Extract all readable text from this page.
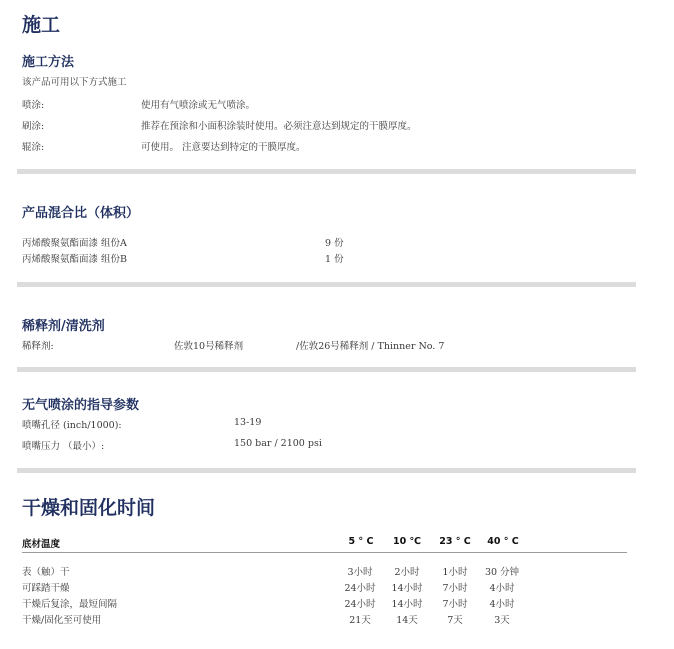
施工
施工方法
该产品可用以下方式施工
喷涂:	使用有气喷涂或无气喷涂。
刷涂:	推荐在预涂和小面积涂装时使用。必须注意达到规定的干膜厚度。
辊涂:	可使用。 注意要达到特定的干膜厚度。
产品混合比（体积）
丙烯酸聚氨酯面漆 组份A	9 份
丙烯酸聚氨酯面漆 组份B	1 份
稀释剂/清洗剂
稀释剂:	佐敦10号稀释剂	/佐敦26号稀释剂 / Thinner No. 7
无气喷涂的指导参数
喷嘴孔径 (inch/1000):	13-19
喷嘴压力 （最小）:	150 bar / 2100 psi
干燥和固化时间
底材温度	5 ° C	10 ℃	23 ° C	40 ° C
表（触）干	3小时	2小时	1小时	30 分钟
可踩踏干燥	24小时	14小时	7小时	4小时
干燥后复涂，最短间隔	24小时	14小时	7小时	4小时
干燥/固化至可使用	21天	14天	7天	3天
